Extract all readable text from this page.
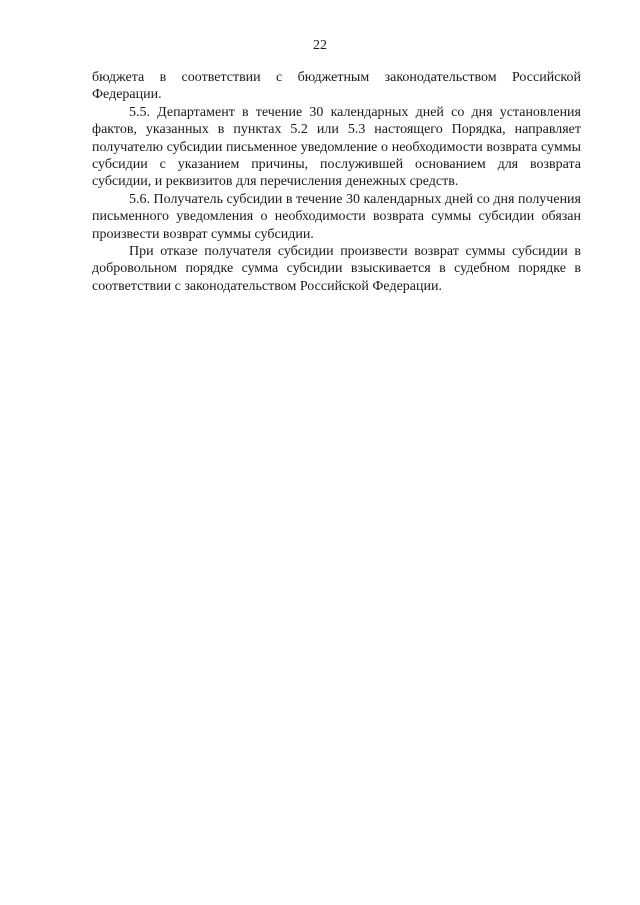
22

бюджета в соответствии с бюджетным законодательством Российской Федерации.

5.5. Департамент в течение 30 календарных дней со дня установления фактов, указанных в пунктах 5.2 или 5.3 настоящего Порядка, направляет получателю субсидии письменное уведомление о необходимости возврата суммы субсидии с указанием причины, послужившей основанием для возврата субсидии, и реквизитов для перечисления денежных средств.

5.6. Получатель субсидии в течение 30 календарных дней со дня получения письменного уведомления о необходимости возврата суммы субсидии обязан произвести возврат суммы субсидии.

При отказе получателя субсидии произвести возврат суммы субсидии в добровольном порядке сумма субсидии взыскивается в судебном порядке в соответствии с законодательством Российской Федерации.
